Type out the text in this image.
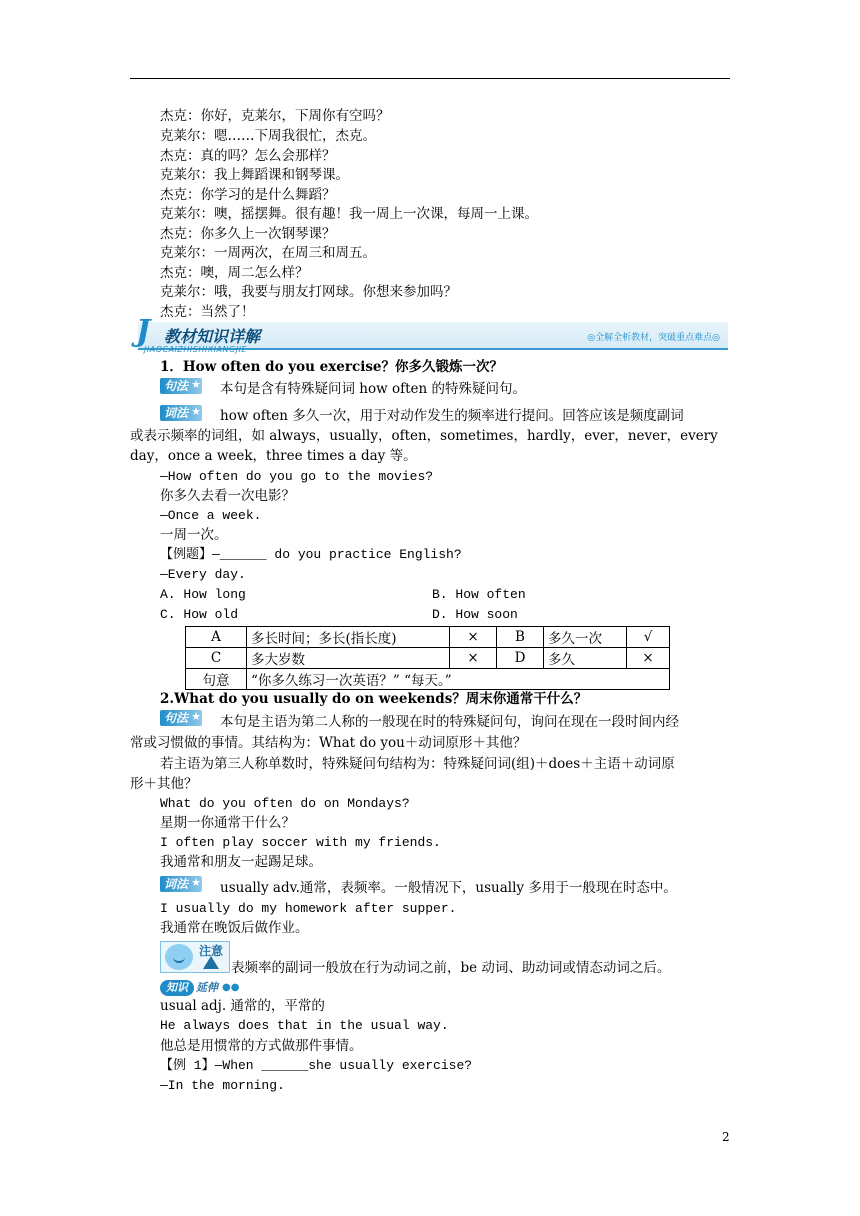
杰克：你好，克莱尔，下周你有空吗？
克莱尔：嗯……下周我很忙，杰克。
杰克：真的吗？怎么会那样？
克莱尔：我上舞蹈课和钢琴课。
杰克：你学习的是什么舞蹈？
克莱尔：噢，摇摆舞。很有趣！我一周上一次课，每周一上课。
杰克：你多久上一次钢琴课？
克莱尔：一周两次，在周三和周五。
杰克：噢，周二怎么样？
克莱尔：哦，我要与朋友打网球。你想来参加吗？
杰克：当然了！
J 教材知识详解
JIAOCAIZHISHIXIANGJIE
◎全解全析教材，突破重点难点◎
1．How often do you exercise？你多久锻炼一次？
句法 ★ 本句是含有特殊疑问词 how often 的特殊疑问句。
词法 ★ how often 多久一次，用于对动作发生的频率进行提问。回答应该是频度副词
或表示频率的词组，如 always，usually，often，sometimes，hardly，ever，never，every
day，once a week，three times a day 等。
—How often do you go to the movies?
你多久去看一次电影？
—Once a week.
一周一次。
【例题】—______ do you practice English?
—Every day.
A. How long	B. How often
C. How old	D. How soon
A	多长时间；多长(指长度)	×	B	多久一次	√
C	多大岁数	×	D	多久	×
句意	“你多久练习一次英语？” “每天。”				
2.What do you usually do on weekends？周末你通常干什么？
句法 ★ 本句是主语为第二人称的一般现在时的特殊疑问句，询问在现在一段时间内经
常或习惯做的事情。其结构为：What do you＋动词原形＋其他？
若主语为第三人称单数时，特殊疑问句结构为：特殊疑问词(组)＋does＋主语＋动词原
形＋其他？
What do you often do on Mondays?
星期一你通常干什么？
I often play soccer with my friends.
我通常和朋友一起踢足球。
词法 ★ usually adv.通常，表频率。一般情况下，usually 多用于一般现在时态中。
I usually do my homework after supper.
我通常在晚饭后做作业。
注意
表频率的副词一般放在行为动词之前，be 动词、助动词或情态动词之后。
知识 延伸 ●●
usual adj. 通常的，平常的
He always does that in the usual way.
他总是用惯常的方式做那件事情。
【例 1】—When ______she usually exercise?
—In the morning.
2
